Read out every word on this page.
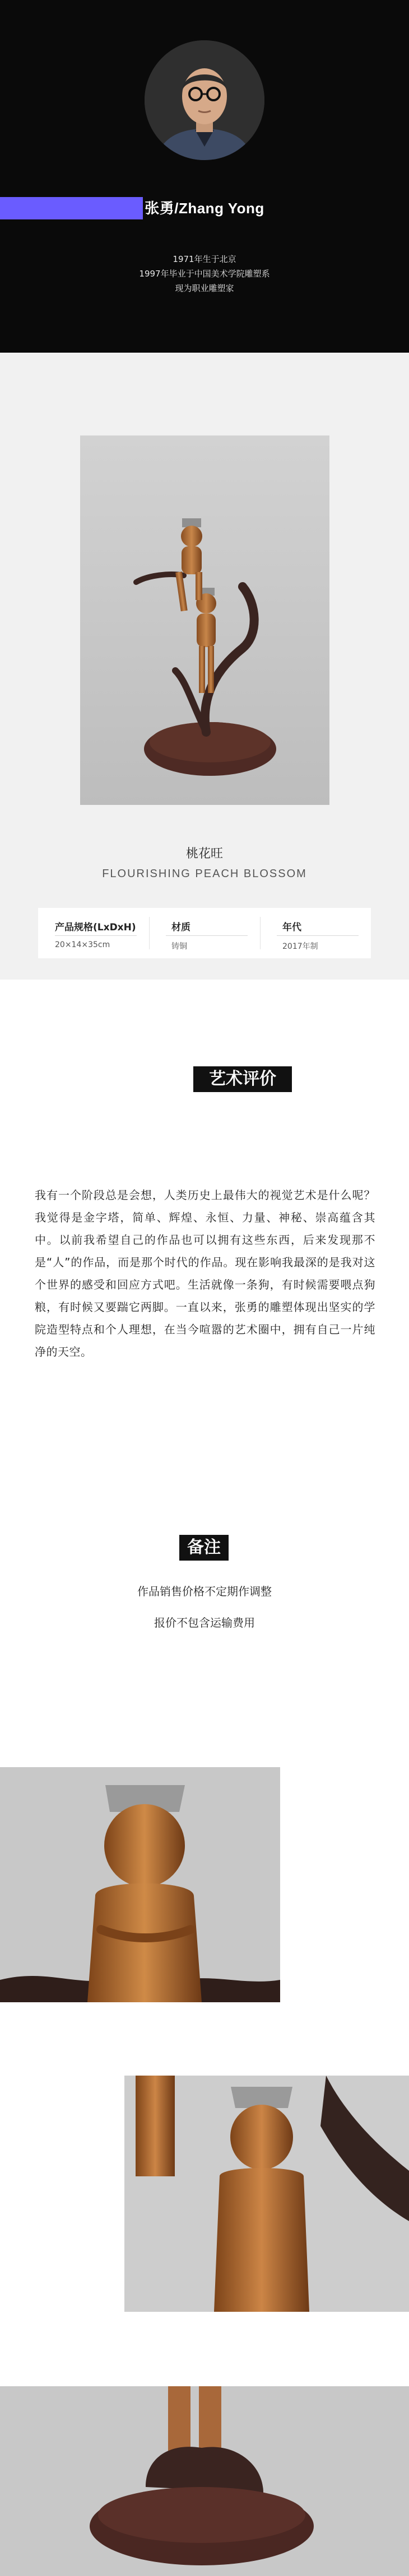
张勇/Zhang Yong
1971年生于北京
1997年毕业于中国美术学院雕塑系
现为职业雕塑家
桃花旺
FLOURISHING PEACH BLOSSOM
产品规格(LxDxH)
20×14×35cm
材质
铸铜
年代
2017年制
艺术评价
我有一个阶段总是会想，人类历史上最伟大的视觉艺术是什么呢？我觉得是金字塔，简单、辉煌、永恒、力量、神秘、崇高蕴含其中。以前我希望自己的作品也可以拥有这些东西，后来发现那不是“人”的作品，而是那个时代的作品。现在影响我最深的是我对这个世界的感受和回应方式吧。生活就像一条狗，有时候需要喂点狗粮，有时候又要踹它两脚。一直以来，张勇的雕塑体现出坚实的学院造型特点和个人理想，在当今喧嚣的艺术圈中，拥有自己一片纯净的天空。
备注
作品销售价格不定期作调整
报价不包含运输费用
